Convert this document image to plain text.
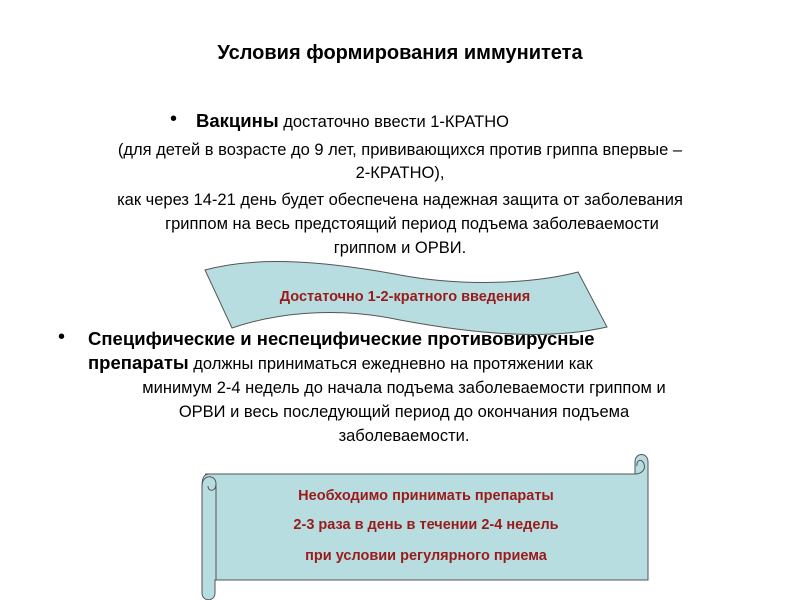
Условия формирования иммунитета
• Вакцины достаточно ввести 1-КРАТНО
(для детей в возрасте до 9 лет, прививающихся против гриппа впервые –
2-КРАТНО),
как через 14-21 день будет обеспечена надежная защита от заболевания
гриппом на весь предстоящий период подъема заболеваемости
гриппом и ОРВИ.
Достаточно 1-2-кратного введения
• Специфические и неспецифические противовирусные
препараты должны приниматься ежедневно на протяжении как
минимум 2-4 недель до начала подъема заболеваемости гриппом и
ОРВИ и весь последующий период до окончания подъема
заболеваемости.
Необходимо принимать препараты
2-3 раза в день в течении 2-4 недель
при условии регулярного приема
